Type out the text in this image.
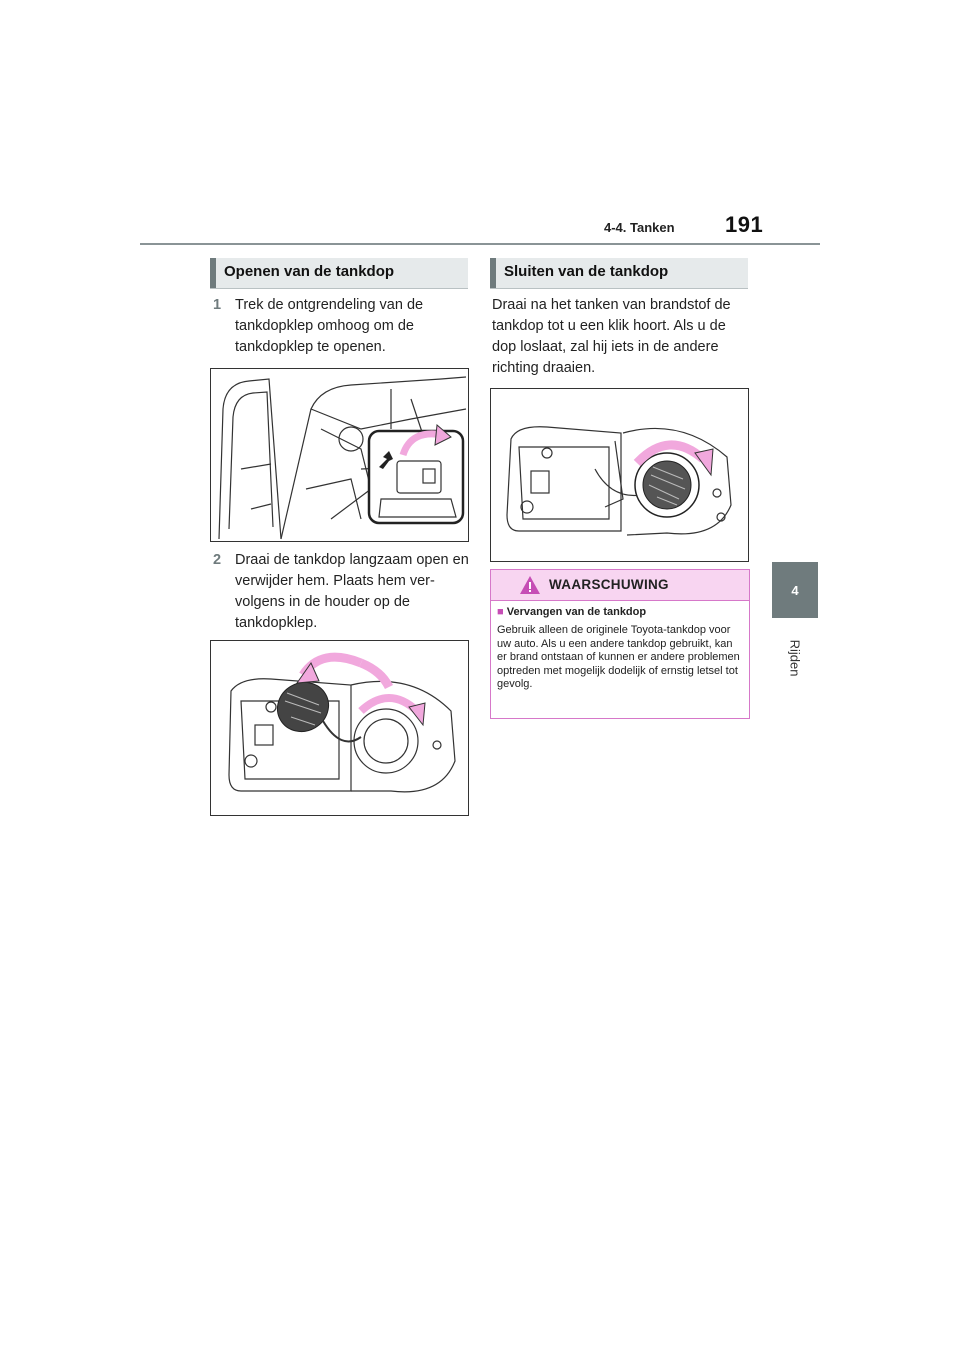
4-4. Tanken 191
4
Rijden
Openen van de tankdop
1 Trek de ontgrendeling van de tankdopklep omhoog om de tankdopklep te openen.
2 Draai de tankdop langzaam open en verwijder hem. Plaats hem vervolgens in de houder op de tankdopklep.
Sluiten van de tankdop
Draai na het tanken van brandstof de tankdop tot u een klik hoort. Als u de dop loslaat, zal hij iets in de andere richting draaien.
WAARSCHUWING
■ Vervangen van de tankdop
Gebruik alleen de originele Toyota-tankdop voor uw auto. Als u een andere tankdop gebruikt, kan er brand ontstaan of kunnen er andere problemen optreden met mogelijk dodelijk of ernstig letsel tot gevolg.
